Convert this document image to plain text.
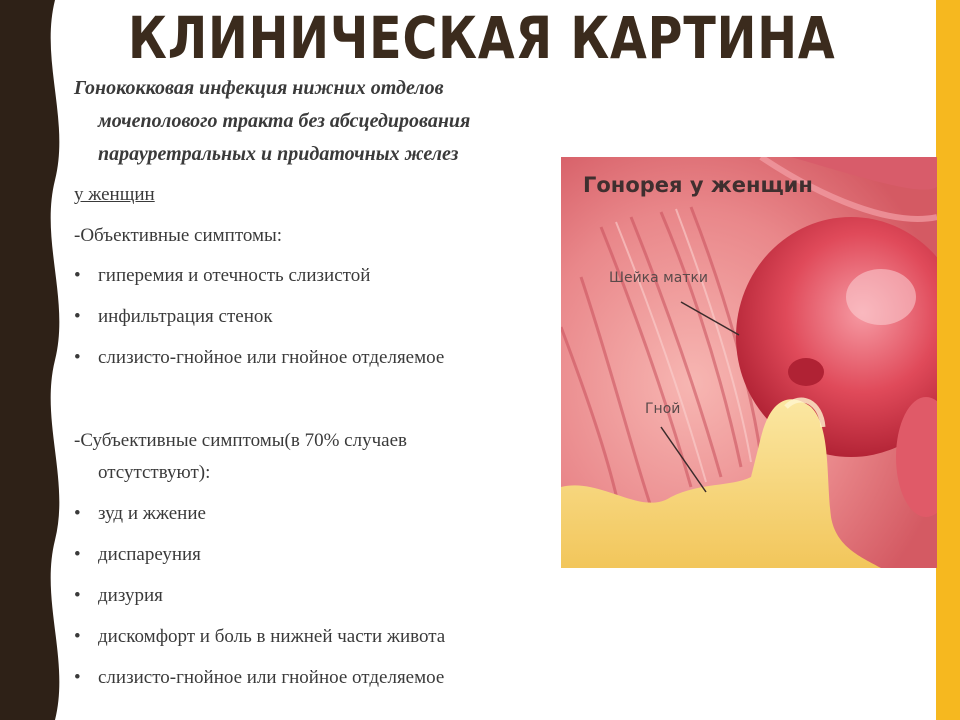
КЛИНИЧЕСКАЯ КАРТИНА
Гонококковая инфекция нижних отделов
мочеполового тракта без абсцедирования
парауретральных и придаточных желез
у женщин
-Объективные симптомы:
• гиперемия и отечность слизистой
• инфильтрация стенок
• слизисто-гнойное или гнойное отделяемое
-Субъективные симптомы(в 70% случаев
отсутствуют):
• зуд и жжение
• диспареуния
• дизурия
• дискомфорт и боль в нижней части живота
• слизисто-гнойное или гнойное отделяемое
Гонорея у женщин
Шейка матки
Гной
